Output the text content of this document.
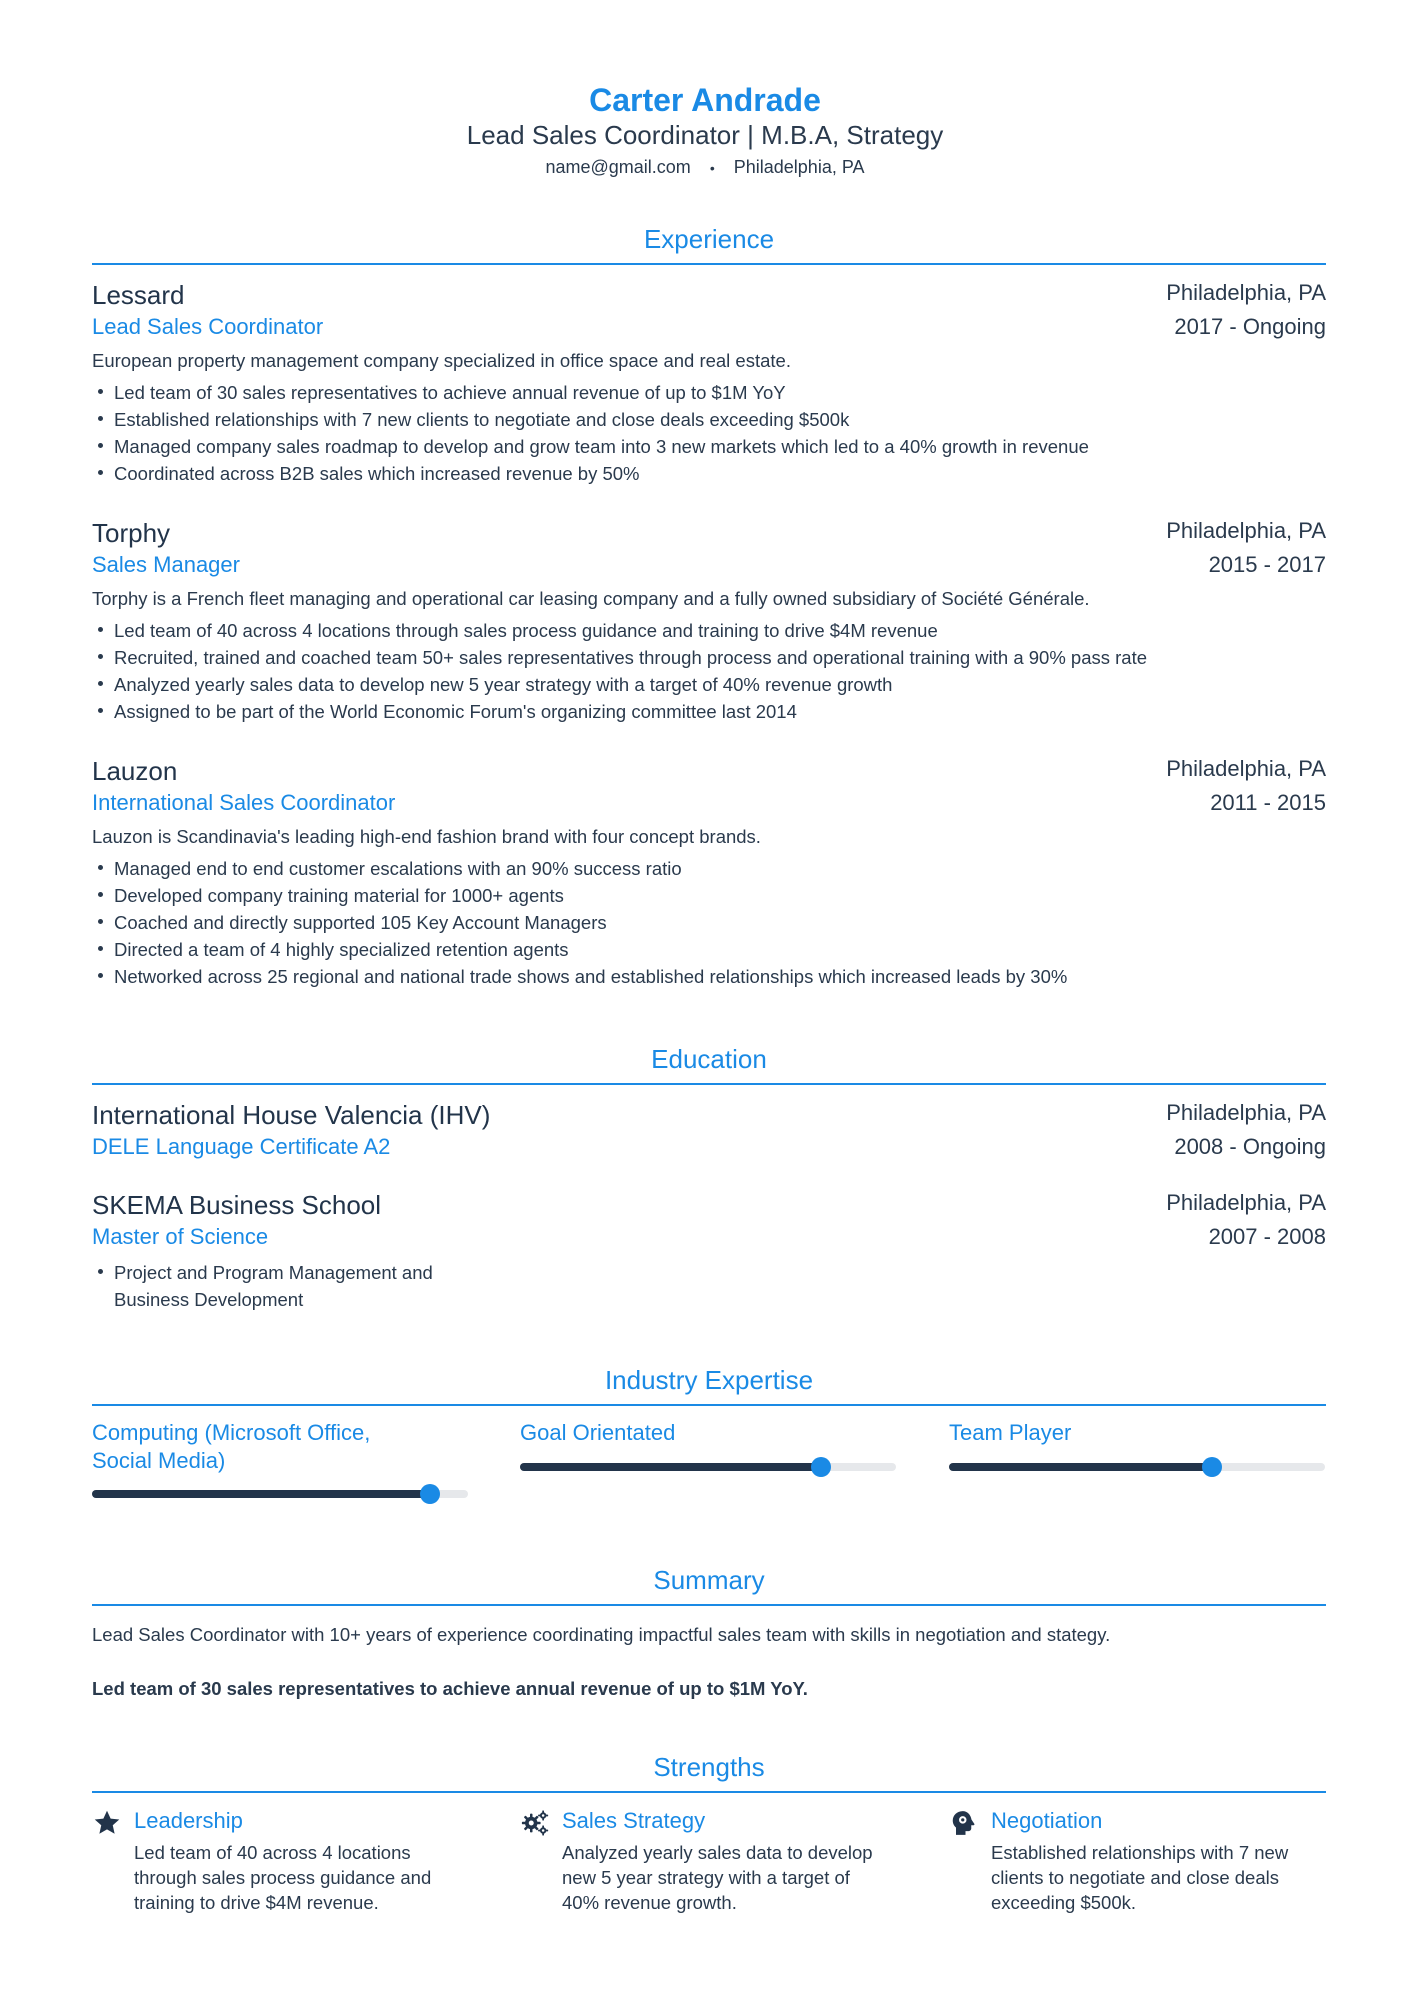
Carter Andrade
Lead Sales Coordinator | M.B.A, Strategy
name@gmail.com • Philadelphia, PA
Experience
Lessard	Philadelphia, PA
Lead Sales Coordinator	2017 - Ongoing
European property management company specialized in office space and real estate.
Led team of 30 sales representatives to achieve annual revenue of up to $1M YoY
Established relationships with 7 new clients to negotiate and close deals exceeding $500k
Managed company sales roadmap to develop and grow team into 3 new markets which led to a 40% growth in revenue
Coordinated across B2B sales which increased revenue by 50%
Torphy	Philadelphia, PA
Sales Manager	2015 - 2017
Torphy is a French fleet managing and operational car leasing company and a fully owned subsidiary of Société Générale.
Led team of 40 across 4 locations through sales process guidance and training to drive $4M revenue
Recruited, trained and coached team 50+ sales representatives through process and operational training with a 90% pass rate
Analyzed yearly sales data to develop new 5 year strategy with a target of 40% revenue growth
Assigned to be part of the World Economic Forum's organizing committee last 2014
Lauzon	Philadelphia, PA
International Sales Coordinator	2011 - 2015
Lauzon is Scandinavia's leading high-end fashion brand with four concept brands.
Managed end to end customer escalations with an 90% success ratio
Developed company training material for 1000+ agents
Coached and directly supported 105 Key Account Managers
Directed a team of 4 highly specialized retention agents
Networked across 25 regional and national trade shows and established relationships which increased leads by 30%
Education
International House Valencia (IHV)	Philadelphia, PA
DELE Language Certificate A2	2008 - Ongoing
SKEMA Business School	Philadelphia, PA
Master of Science	2007 - 2008
Project and Program Management and Business Development
Industry Expertise
Computing (Microsoft Office, Social Media)
Goal Orientated	Team Player
Summary
Lead Sales Coordinator with 10+ years of experience coordinating impactful sales team with skills in negotiation and stategy.
Led team of 30 sales representatives to achieve annual revenue of up to $1M YoY.
Strengths
Leadership
Led team of 40 across 4 locations through sales process guidance and training to drive $4M revenue.
Sales Strategy
Analyzed yearly sales data to develop new 5 year strategy with a target of 40% revenue growth.
Negotiation
Established relationships with 7 new clients to negotiate and close deals exceeding $500k.
